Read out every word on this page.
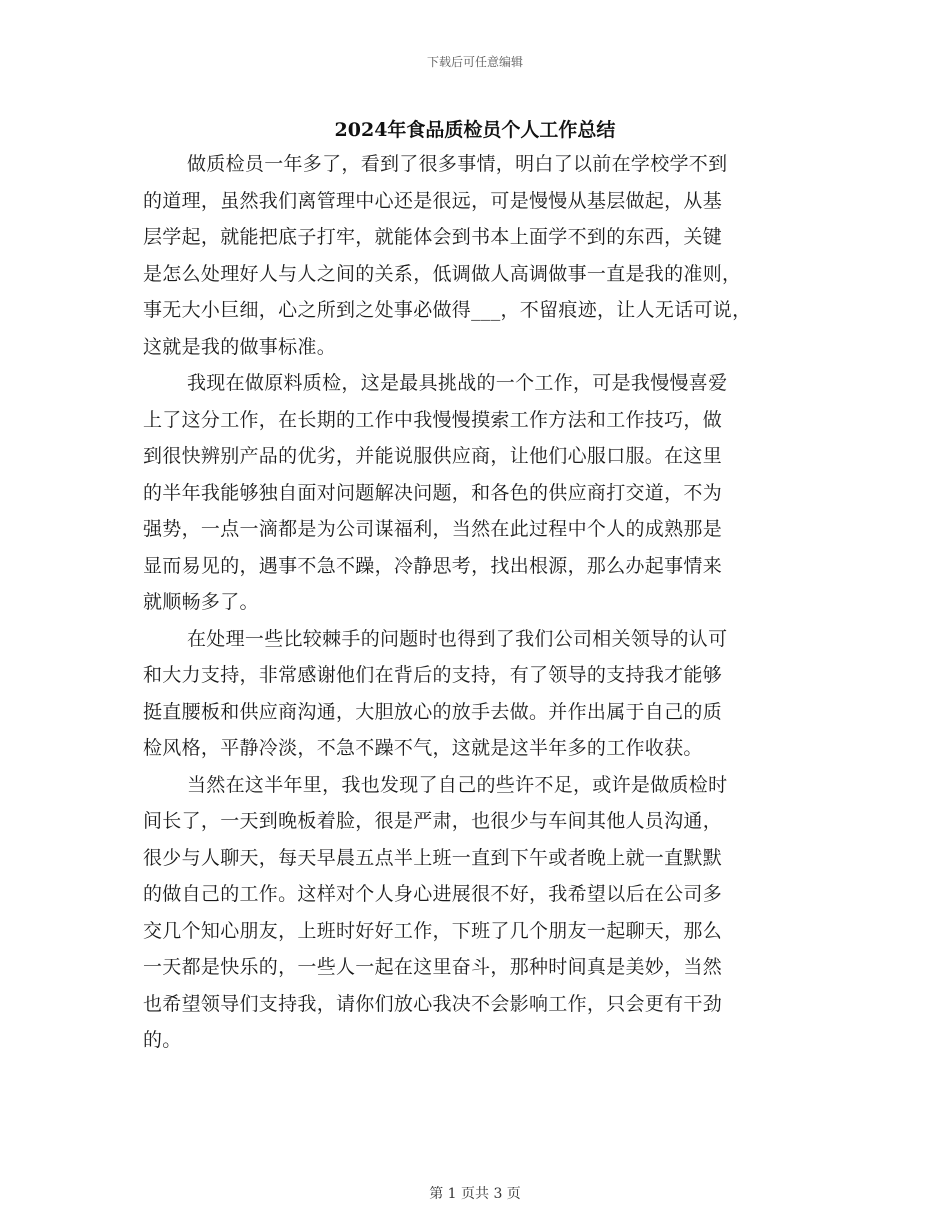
下载后可任意编辑
2024年食品质检员个人工作总结
做质检员一年多了，看到了很多事情，明白了以前在学校学不到
的道理，虽然我们离管理中心还是很远，可是慢慢从基层做起，从基
层学起，就能把底子打牢，就能体会到书本上面学不到的东西，关键
是怎么处理好人与人之间的关系，低调做人高调做事一直是我的准则，
事无大小巨细，心之所到之处事必做得___，不留痕迹，让人无话可说，
这就是我的做事标准。
我现在做原料质检，这是最具挑战的一个工作，可是我慢慢喜爱
上了这分工作，在长期的工作中我慢慢摸索工作方法和工作技巧，做
到很快辨别产品的优劣，并能说服供应商，让他们心服口服。在这里
的半年我能够独自面对问题解决问题，和各色的供应商打交道，不为
强势，一点一滴都是为公司谋福利，当然在此过程中个人的成熟那是
显而易见的，遇事不急不躁，冷静思考，找出根源，那么办起事情来
就顺畅多了。
在处理一些比较棘手的问题时也得到了我们公司相关领导的认可
和大力支持，非常感谢他们在背后的支持，有了领导的支持我才能够
挺直腰板和供应商沟通，大胆放心的放手去做。并作出属于自己的质
检风格，平静冷淡，不急不躁不气，这就是这半年多的工作收获。
当然在这半年里，我也发现了自己的些许不足，或许是做质检时
间长了，一天到晚板着脸，很是严肃，也很少与车间其他人员沟通，
很少与人聊天，每天早晨五点半上班一直到下午或者晚上就一直默默
的做自己的工作。这样对个人身心进展很不好，我希望以后在公司多
交几个知心朋友，上班时好好工作，下班了几个朋友一起聊天，那么
一天都是快乐的，一些人一起在这里奋斗，那种时间真是美妙，当然
也希望领导们支持我，请你们放心我决不会影响工作，只会更有干劲
的。
第 1 页共 3 页
